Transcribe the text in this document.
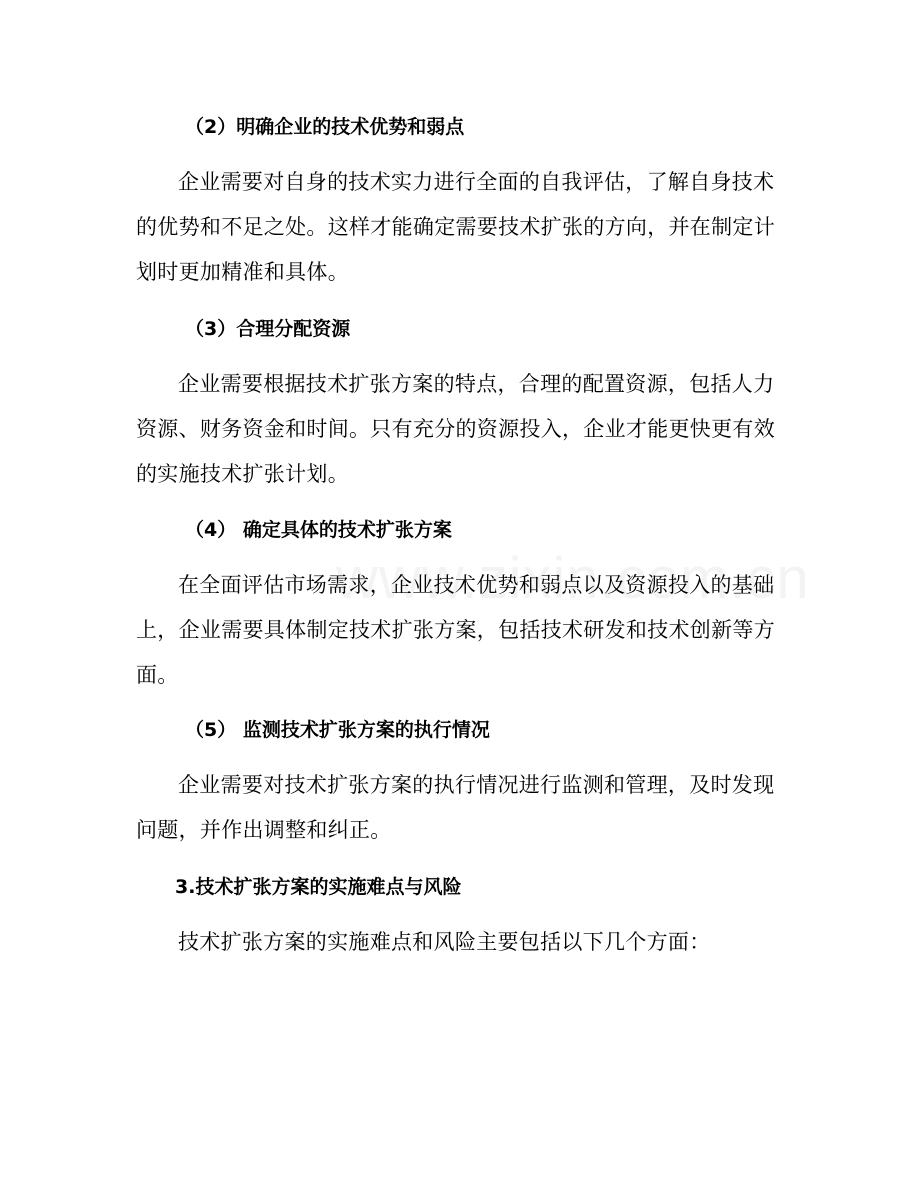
（2）明确企业的技术优势和弱点
企业需要对自身的技术实力进行全面的自我评估，了解自身技术的优势和不足之处。这样才能确定需要技术扩张的方向，并在制定计划时更加精准和具体。
（3）合理分配资源
企业需要根据技术扩张方案的特点，合理的配置资源，包括人力资源、财务资金和时间。只有充分的资源投入，企业才能更快更有效的实施技术扩张计划。
（4） 确定具体的技术扩张方案
在全面评估市场需求，企业技术优势和弱点以及资源投入的基础上，企业需要具体制定技术扩张方案，包括技术研发和技术创新等方面。
（5） 监测技术扩张方案的执行情况
企业需要对技术扩张方案的执行情况进行监测和管理，及时发现问题，并作出调整和纠正。
3.技术扩张方案的实施难点与风险
技术扩张方案的实施难点和风险主要包括以下几个方面：
